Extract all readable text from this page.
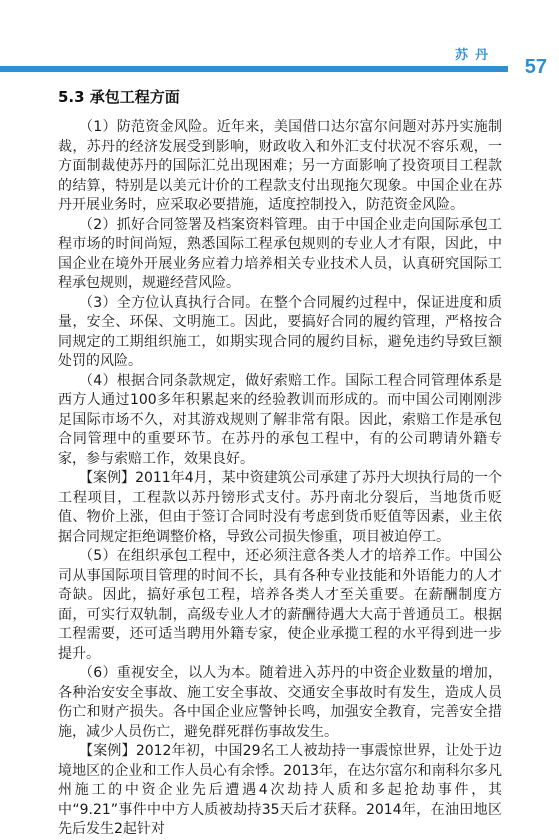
苏丹
57
5.3 承包工程方面

（1）防范资金风险。近年来，美国借口达尔富尔问题对苏丹实施制裁，苏丹的经济发展受到影响，财政收入和外汇支付状况不容乐观，一方面制裁使苏丹的国际汇兑出现困难；另一方面影响了投资项目工程款的结算，特别是以美元计价的工程款支付出现拖欠现象。中国企业在苏丹开展业务时，应采取必要措施，适度控制投入，防范资金风险。

（2）抓好合同签署及档案资料管理。由于中国企业走向国际承包工程市场的时间尚短，熟悉国际工程承包规则的专业人才有限，因此，中国企业在境外开展业务应着力培养相关专业技术人员，认真研究国际工程承包规则，规避经营风险。

（3）全方位认真执行合同。在整个合同履约过程中，保证进度和质量，安全、环保、文明施工。因此，要搞好合同的履约管理，严格按合同规定的工期组织施工，如期实现合同的履约目标，避免违约导致巨额处罚的风险。

（4）根据合同条款规定，做好索赔工作。国际工程合同管理体系是西方人通过100多年积累起来的经验教训而形成的。而中国公司刚刚涉足国际市场不久，对其游戏规则了解非常有限。因此，索赔工作是承包合同管理中的重要环节。在苏丹的承包工程中，有的公司聘请外籍专家，参与索赔工作，效果良好。

【案例】2011年4月，某中资建筑公司承建了苏丹大坝执行局的一个工程项目，工程款以苏丹镑形式支付。苏丹南北分裂后，当地货币贬值、物价上涨，但由于签订合同时没有考虑到货币贬值等因素，业主依据合同规定拒绝调整价格，导致公司损失惨重，项目被迫停工。

（5）在组织承包工程中，还必须注意各类人才的培养工作。中国公司从事国际项目管理的时间不长，具有各种专业技能和外语能力的人才奇缺。因此，搞好承包工程，培养各类人才至关重要。在薪酬制度方面，可实行双轨制，高级专业人才的薪酬待遇大大高于普通员工。根据工程需要，还可适当聘用外籍专家，使企业承揽工程的水平得到进一步提升。

（6）重视安全，以人为本。随着进入苏丹的中资企业数量的增加，各种治安安全事故、施工安全事故、交通安全事故时有发生，造成人员伤亡和财产损失。各中国企业应警钟长鸣，加强安全教育，完善安全措施，减少人员伤亡，避免群死群伤事故发生。

【案例】2012年初，中国29名工人被劫持一事震惊世界，让处于边境地区的企业和工作人员心有余悸。2013年，在达尔富尔和南科尔多凡州施工的中资企业先后遭遇4次劫持人质和多起抢劫事件，其中“9.21”事件中中方人质被劫持35天后才获释。2014年，在油田地区先后发生2起针对
